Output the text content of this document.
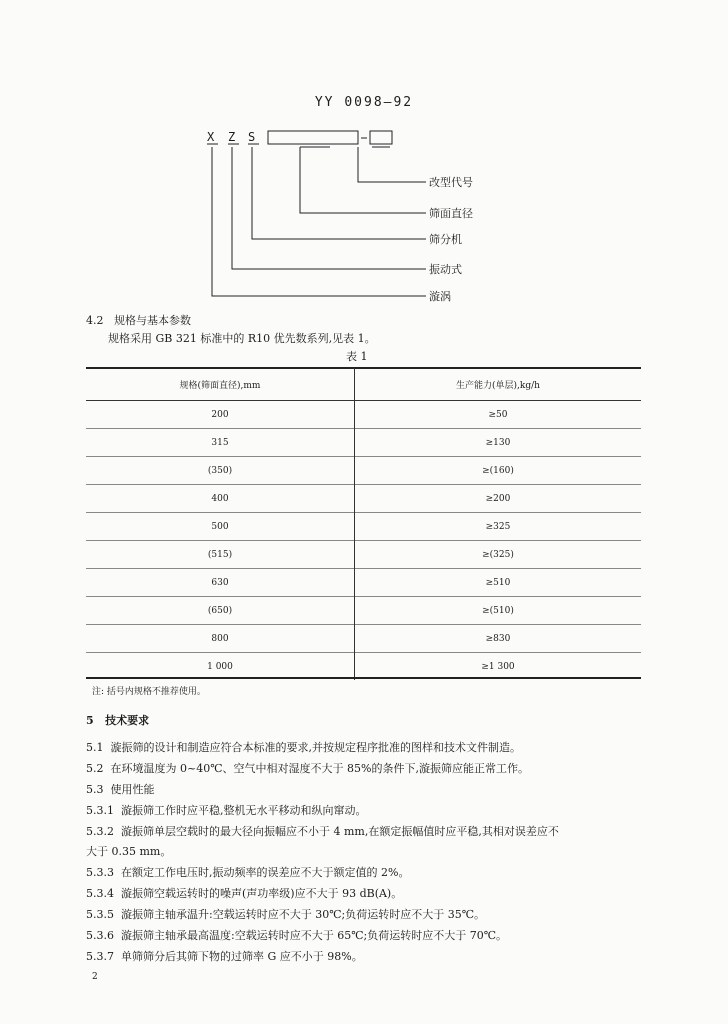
YY 0098—92
X Z S
改型代号
筛面直径
筛分机
振动式
漩涡
4.2 规格与基本参数
规格采用 GB 321 标准中的 R10 优先数系列,见表 1。
表 1
规格(筛面直径),mm	生产能力(单层),kg/h
200	≥50
315	≥130
(350)	≥(160)
400	≥200
500	≥325
(515)	≥(325)
630	≥510
(650)	≥(510)
800	≥830
1 000	≥1 300
注: 括号内规格不推荐使用。
5 技术要求
5.1 漩振筛的设计和制造应符合本标准的要求,并按规定程序批准的图样和技术文件制造。
5.2 在环境温度为 0~40℃、空气中相对湿度不大于 85%的条件下,漩振筛应能正常工作。
5.3 使用性能
5.3.1 漩振筛工作时应平稳,整机无水平移动和纵向窜动。
5.3.2 漩振筛单层空载时的最大径向振幅应不小于 4 mm,在额定振幅值时应平稳,其相对误差应不
大于 0.35 mm。
5.3.3 在额定工作电压时,振动频率的误差应不大于额定值的 2%。
5.3.4 漩振筛空载运转时的噪声(声功率级)应不大于 93 dB(A)。
5.3.5 漩振筛主轴承温升:空载运转时应不大于 30℃;负荷运转时应不大于 35℃。
5.3.6 漩振筛主轴承最高温度:空载运转时应不大于 65℃;负荷运转时应不大于 70℃。
5.3.7 单筛筛分后其筛下物的过筛率 G 应不小于 98%。
2
